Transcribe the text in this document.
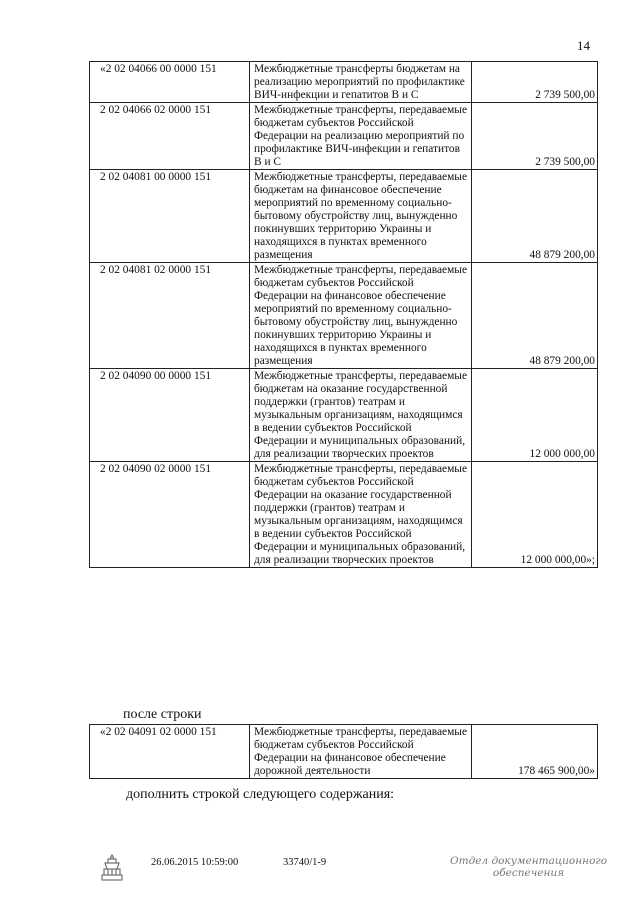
14
«2 02 04066 00 0000 151	Межбюджетные трансферты бюджетам на реализацию мероприятий по профилактике ВИЧ-инфекции и гепатитов В и С	2 739 500,00
2 02 04066 02 0000 151	Межбюджетные трансферты, передаваемые бюджетам субъектов Российской Федерации на реализацию мероприятий по профилактике ВИЧ-инфекции и гепатитов В и С	2 739 500,00
2 02 04081 00 0000 151	Межбюджетные трансферты, передаваемые бюджетам на финансовое обеспечение мероприятий по временному социально-бытовому обустройству лиц, вынужденно покинувших территорию Украины и находящихся в пунктах временного размещения	48 879 200,00
2 02 04081 02 0000 151	Межбюджетные трансферты, передаваемые бюджетам субъектов Российской Федерации на финансовое обеспечение мероприятий по временному социально-бытовому обустройству лиц, вынужденно покинувших территорию Украины и находящихся в пунктах временного размещения	48 879 200,00
2 02 04090 00 0000 151	Межбюджетные трансферты, передаваемые бюджетам на оказание государственной поддержки (грантов) театрам и музыкальным организациям, находящимся в ведении субъектов Российской Федерации и муниципальных образований, для реализации творческих проектов	12 000 000,00
2 02 04090 02 0000 151	Межбюджетные трансферты, передаваемые бюджетам субъектов Российской Федерации на оказание государственной поддержки (грантов) театрам и музыкальным организациям, находящимся в ведении субъектов Российской Федерации и муниципальных образований, для реализации творческих проектов	12 000 000,00»;
после строки
«2 02 04091 02 0000 151	Межбюджетные трансферты, передаваемые бюджетам субъектов Российской Федерации на финансовое обеспечение дорожной деятельности	178 465 900,00»
дополнить строкой следующего содержания:
26.06.2015 10:59:00	33740/1-9	Отдел документационного
обеспечения
